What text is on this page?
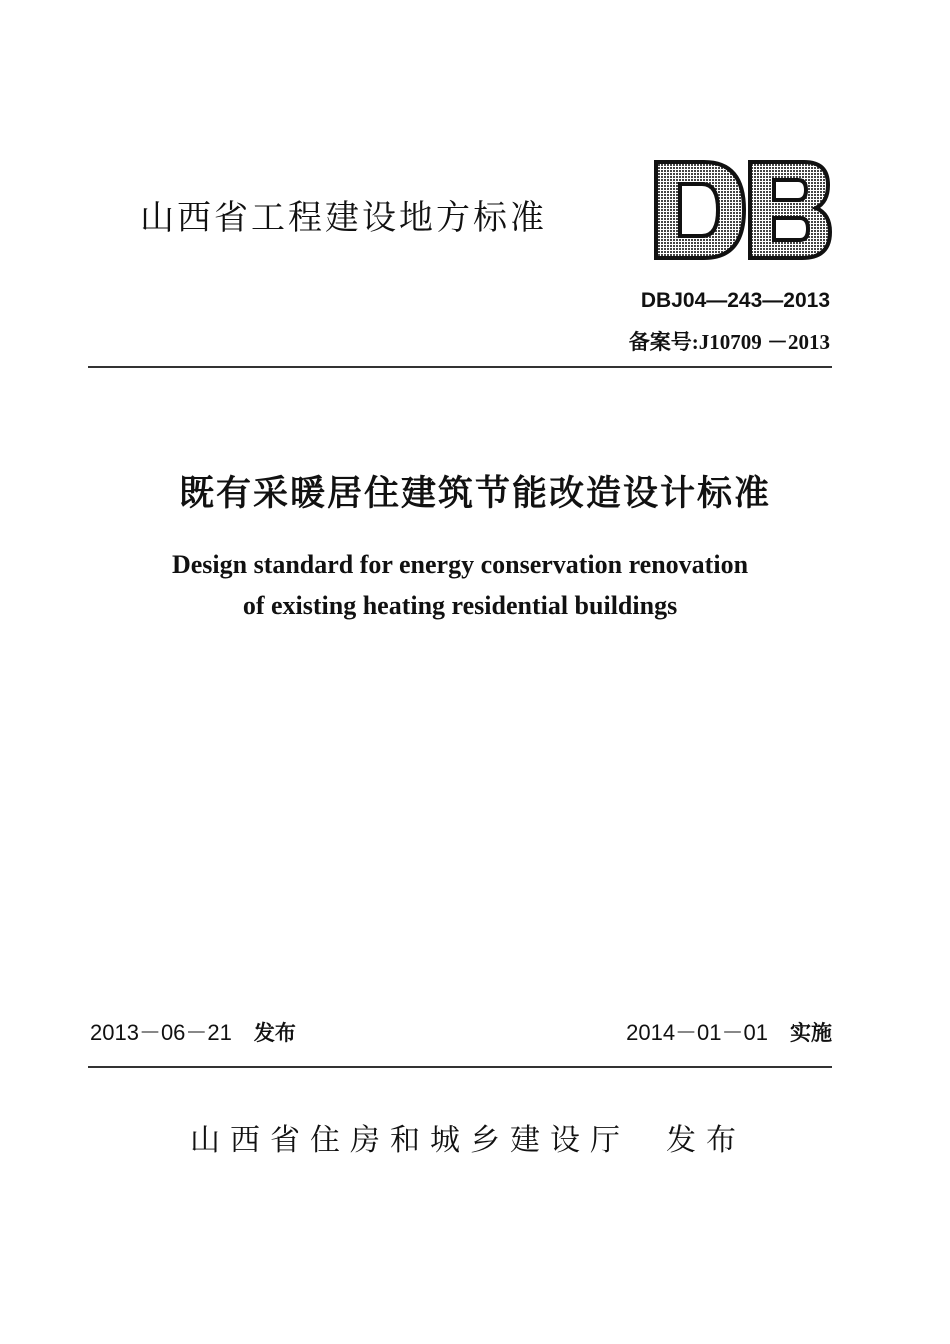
山西省工程建设地方标准
DBJ04—243—2013
备案号:J10709 －2013
既有采暖居住建筑节能改造设计标准
Design standard for energy conservation renovation
of existing heating residential buildings
2013－06－21 发布	2014－01－01 实施
山西省住房和城乡建设厅 发布
